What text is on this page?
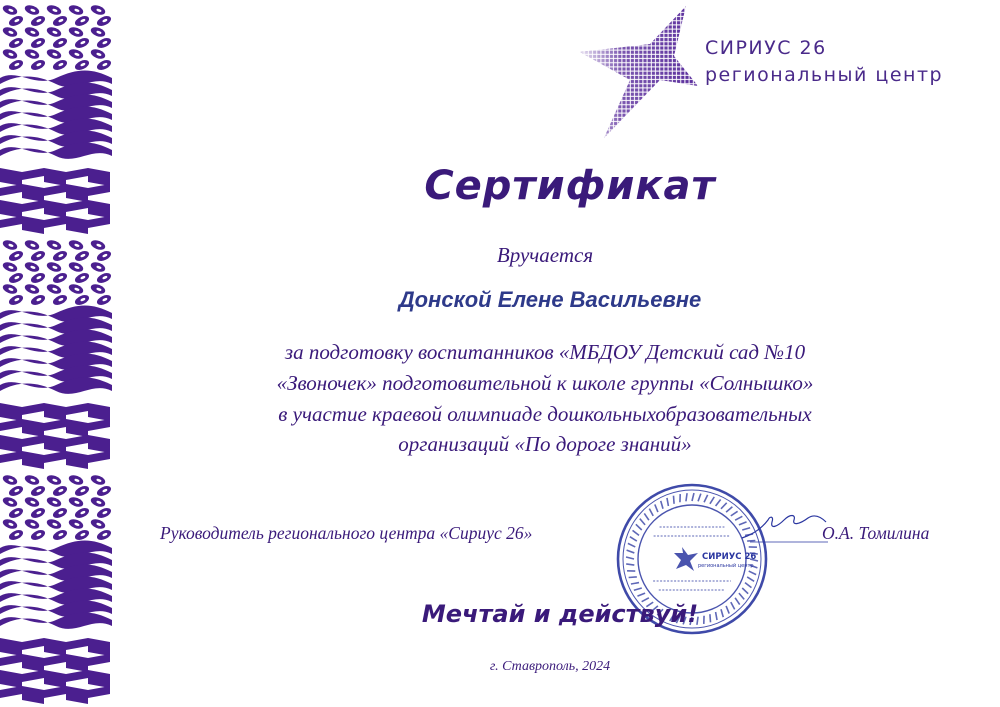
СИРИУС 26
региональный центр
Сертификат
Вручается
Донской Елене Васильевне
за подготовку воспитанников «МБДОУ Детский сад №10
«Звоночек» подготовительной к школе группы «Солнышко»
в участие краевой олимпиаде дошкольныхобразовательных
организаций «По дороге знаний»
Руководитель регионального центра «Сириус 26»	О.А. Томилина
СИРИУС 26
региональный центр
Мечтай и действуй!
г. Ставрополь, 2024
